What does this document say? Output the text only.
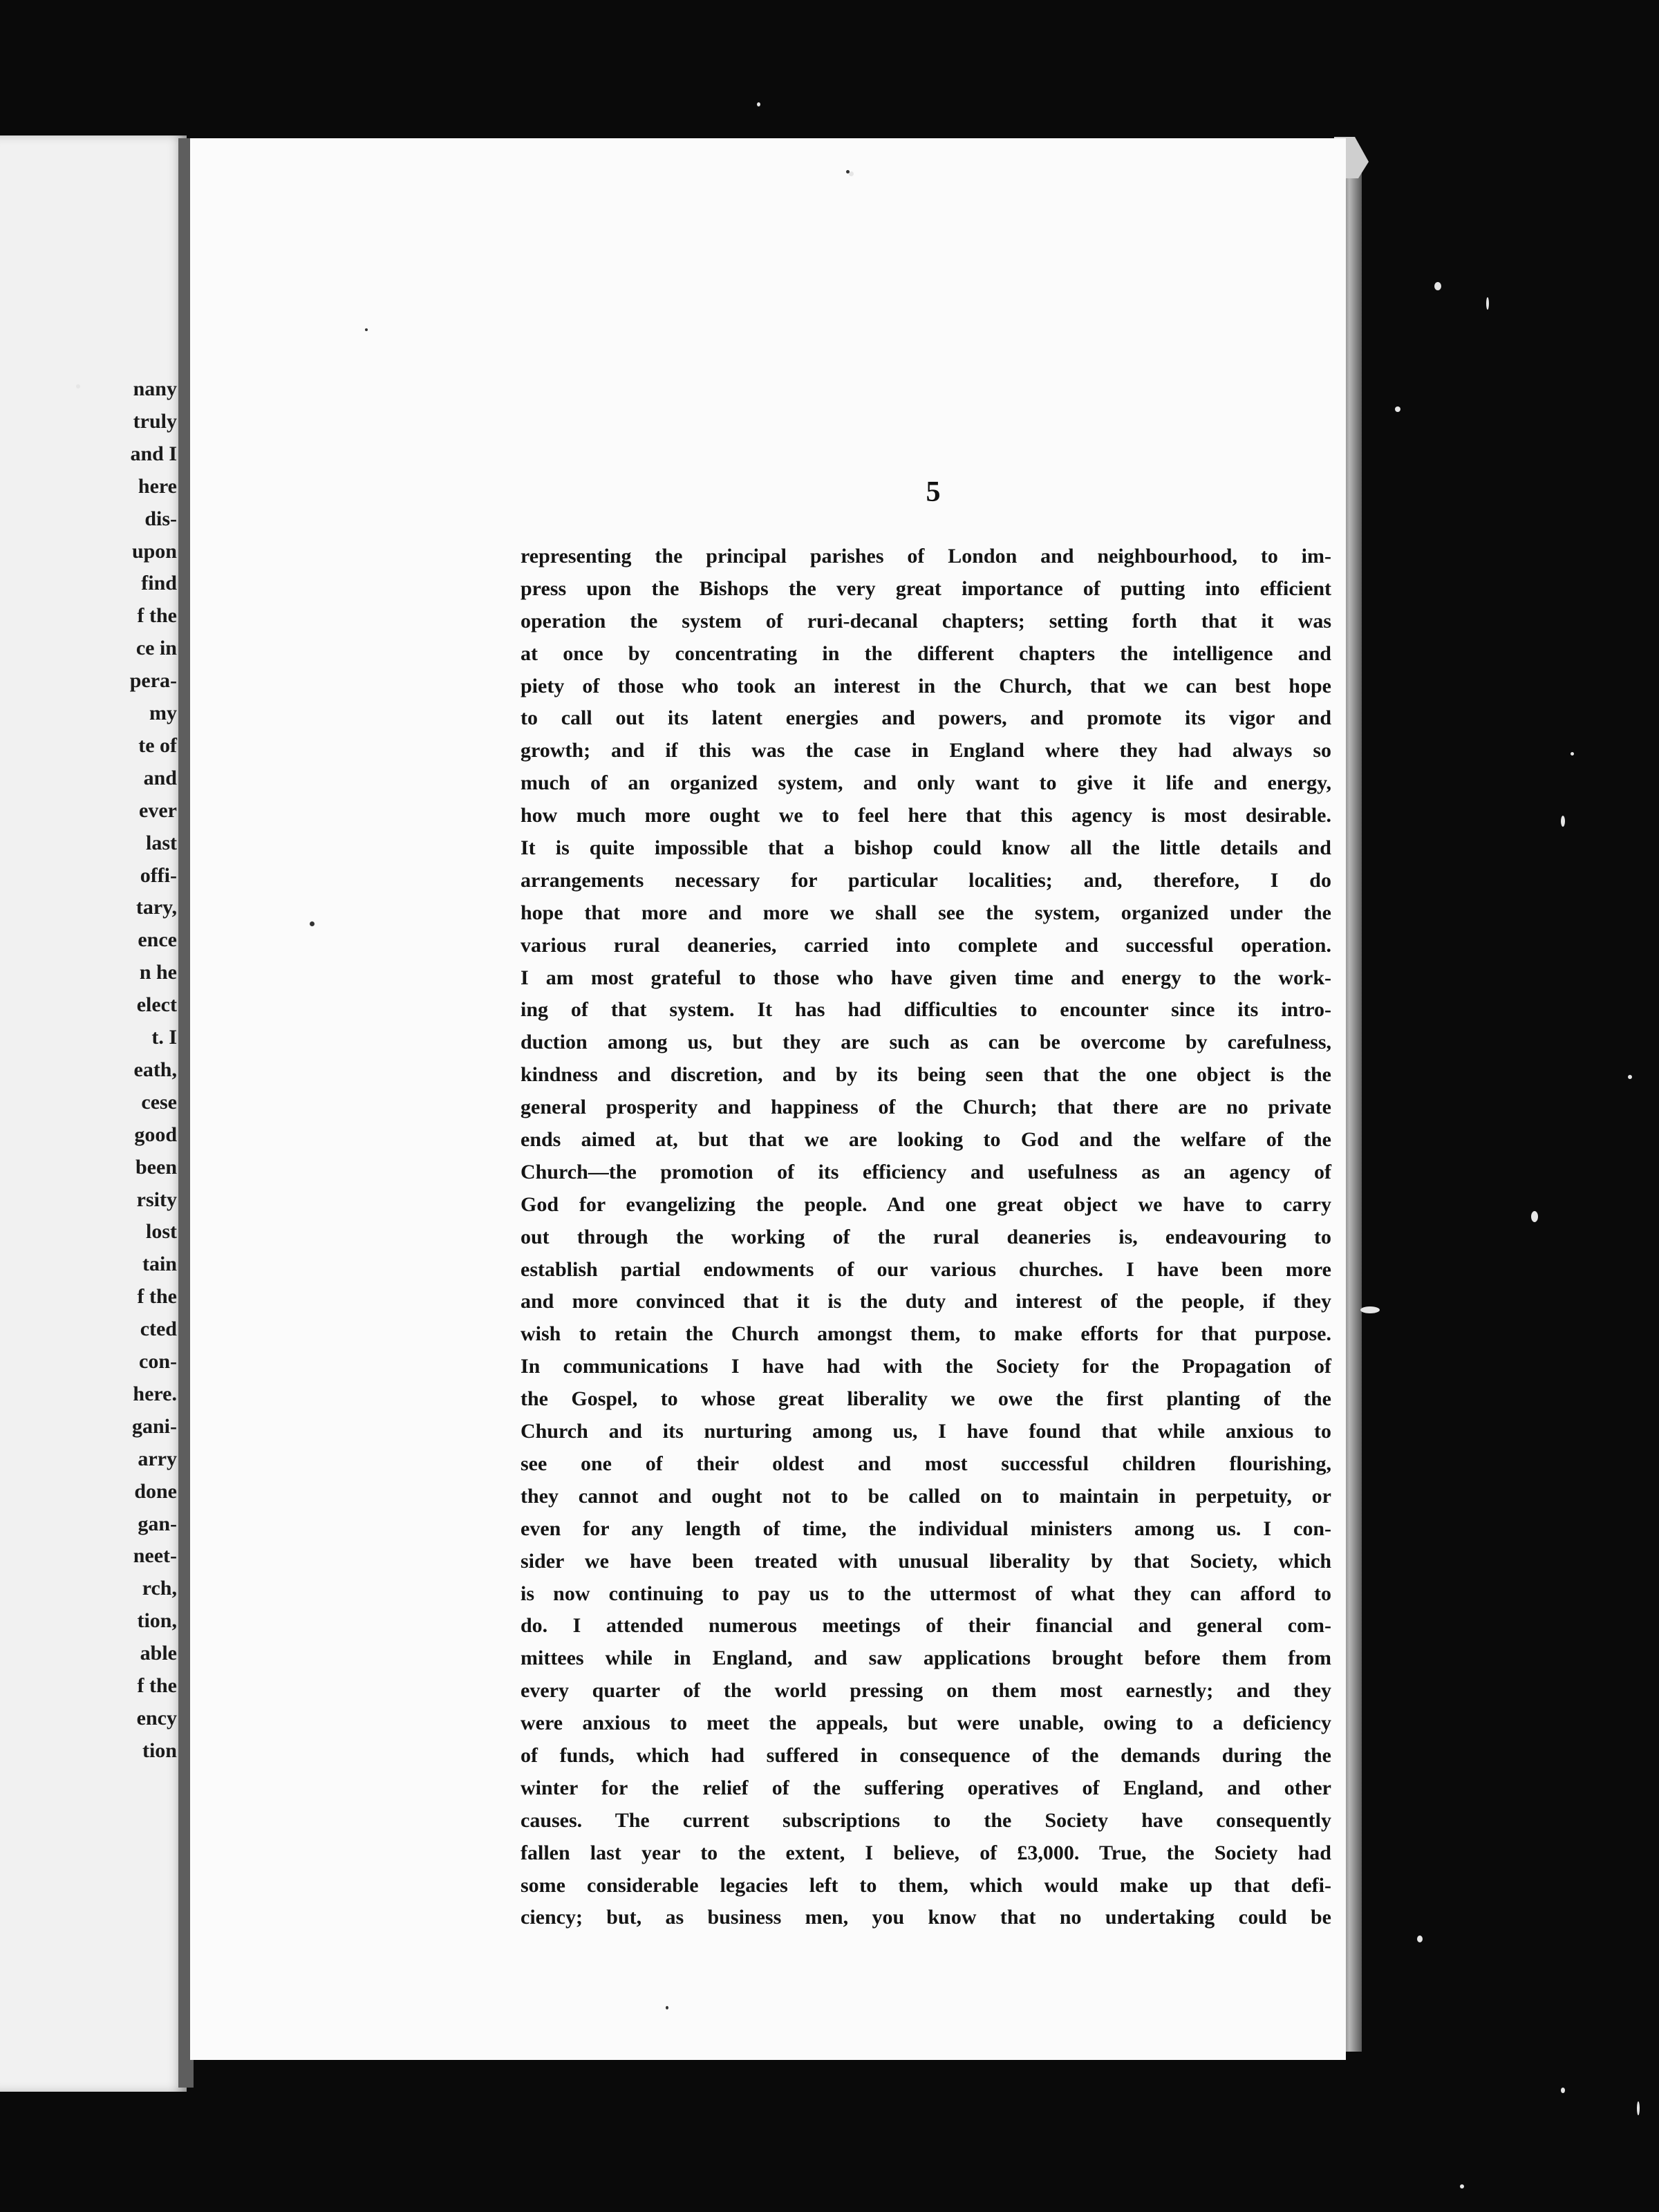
nany
truly
and I
here
dis-
upon
find
f the
ce in
pera-
my
te of
and
ever
last
offi-
tary,
ence
n he
elect
t. I
eath,
cese
good
been
rsity
lost
tain
f the
cted
con-
here.
gani-
arry
done
gan-
neet-
rch,
tion,
able
f the
ency
tion
5
representing the principal parishes of London and neighbourhood, to im-
press upon the Bishops the very great importance of putting into efficient
operation the system of ruri-decanal chapters; setting forth that it was
at once by concentrating in the different chapters the intelligence and
piety of those who took an interest in the Church, that we can best hope
to call out its latent energies and powers, and promote its vigor and
growth; and if this was the case in England where they had always so
much of an organized system, and only want to give it life and energy,
how much more ought we to feel here that this agency is most desirable.
It is quite impossible that a bishop could know all the little details and
arrangements necessary for particular localities; and, therefore, I do
hope that more and more we shall see the system, organized under the
various rural deaneries, carried into complete and successful operation.
I am most grateful to those who have given time and energy to the work-
ing of that system. It has had difficulties to encounter since its intro-
duction among us, but they are such as can be overcome by carefulness,
kindness and discretion, and by its being seen that the one object is the
general prosperity and happiness of the Church; that there are no private
ends aimed at, but that we are looking to God and the welfare of the
Church—the promotion of its efficiency and usefulness as an agency of
God for evangelizing the people. And one great object we have to carry
out through the working of the rural deaneries is, endeavouring to
establish partial endowments of our various churches. I have been more
and more convinced that it is the duty and interest of the people, if they
wish to retain the Church amongst them, to make efforts for that purpose.
In communications I have had with the Society for the Propagation of
the Gospel, to whose great liberality we owe the first planting of the
Church and its nurturing among us, I have found that while anxious to
see one of their oldest and most successful children flourishing,
they cannot and ought not to be called on to maintain in perpetuity, or
even for any length of time, the individual ministers among us. I con-
sider we have been treated with unusual liberality by that Society, which
is now continuing to pay us to the uttermost of what they can afford to
do. I attended numerous meetings of their financial and general com-
mittees while in England, and saw applications brought before them from
every quarter of the world pressing on them most earnestly; and they
were anxious to meet the appeals, but were unable, owing to a deficiency
of funds, which had suffered in consequence of the demands during the
winter for the relief of the suffering operatives of England, and other
causes. The current subscriptions to the Society have consequently
fallen last year to the extent, I believe, of £3,000. True, the Society had
some considerable legacies left to them, which would make up that defi-
ciency; but, as business men, you know that no undertaking could be
